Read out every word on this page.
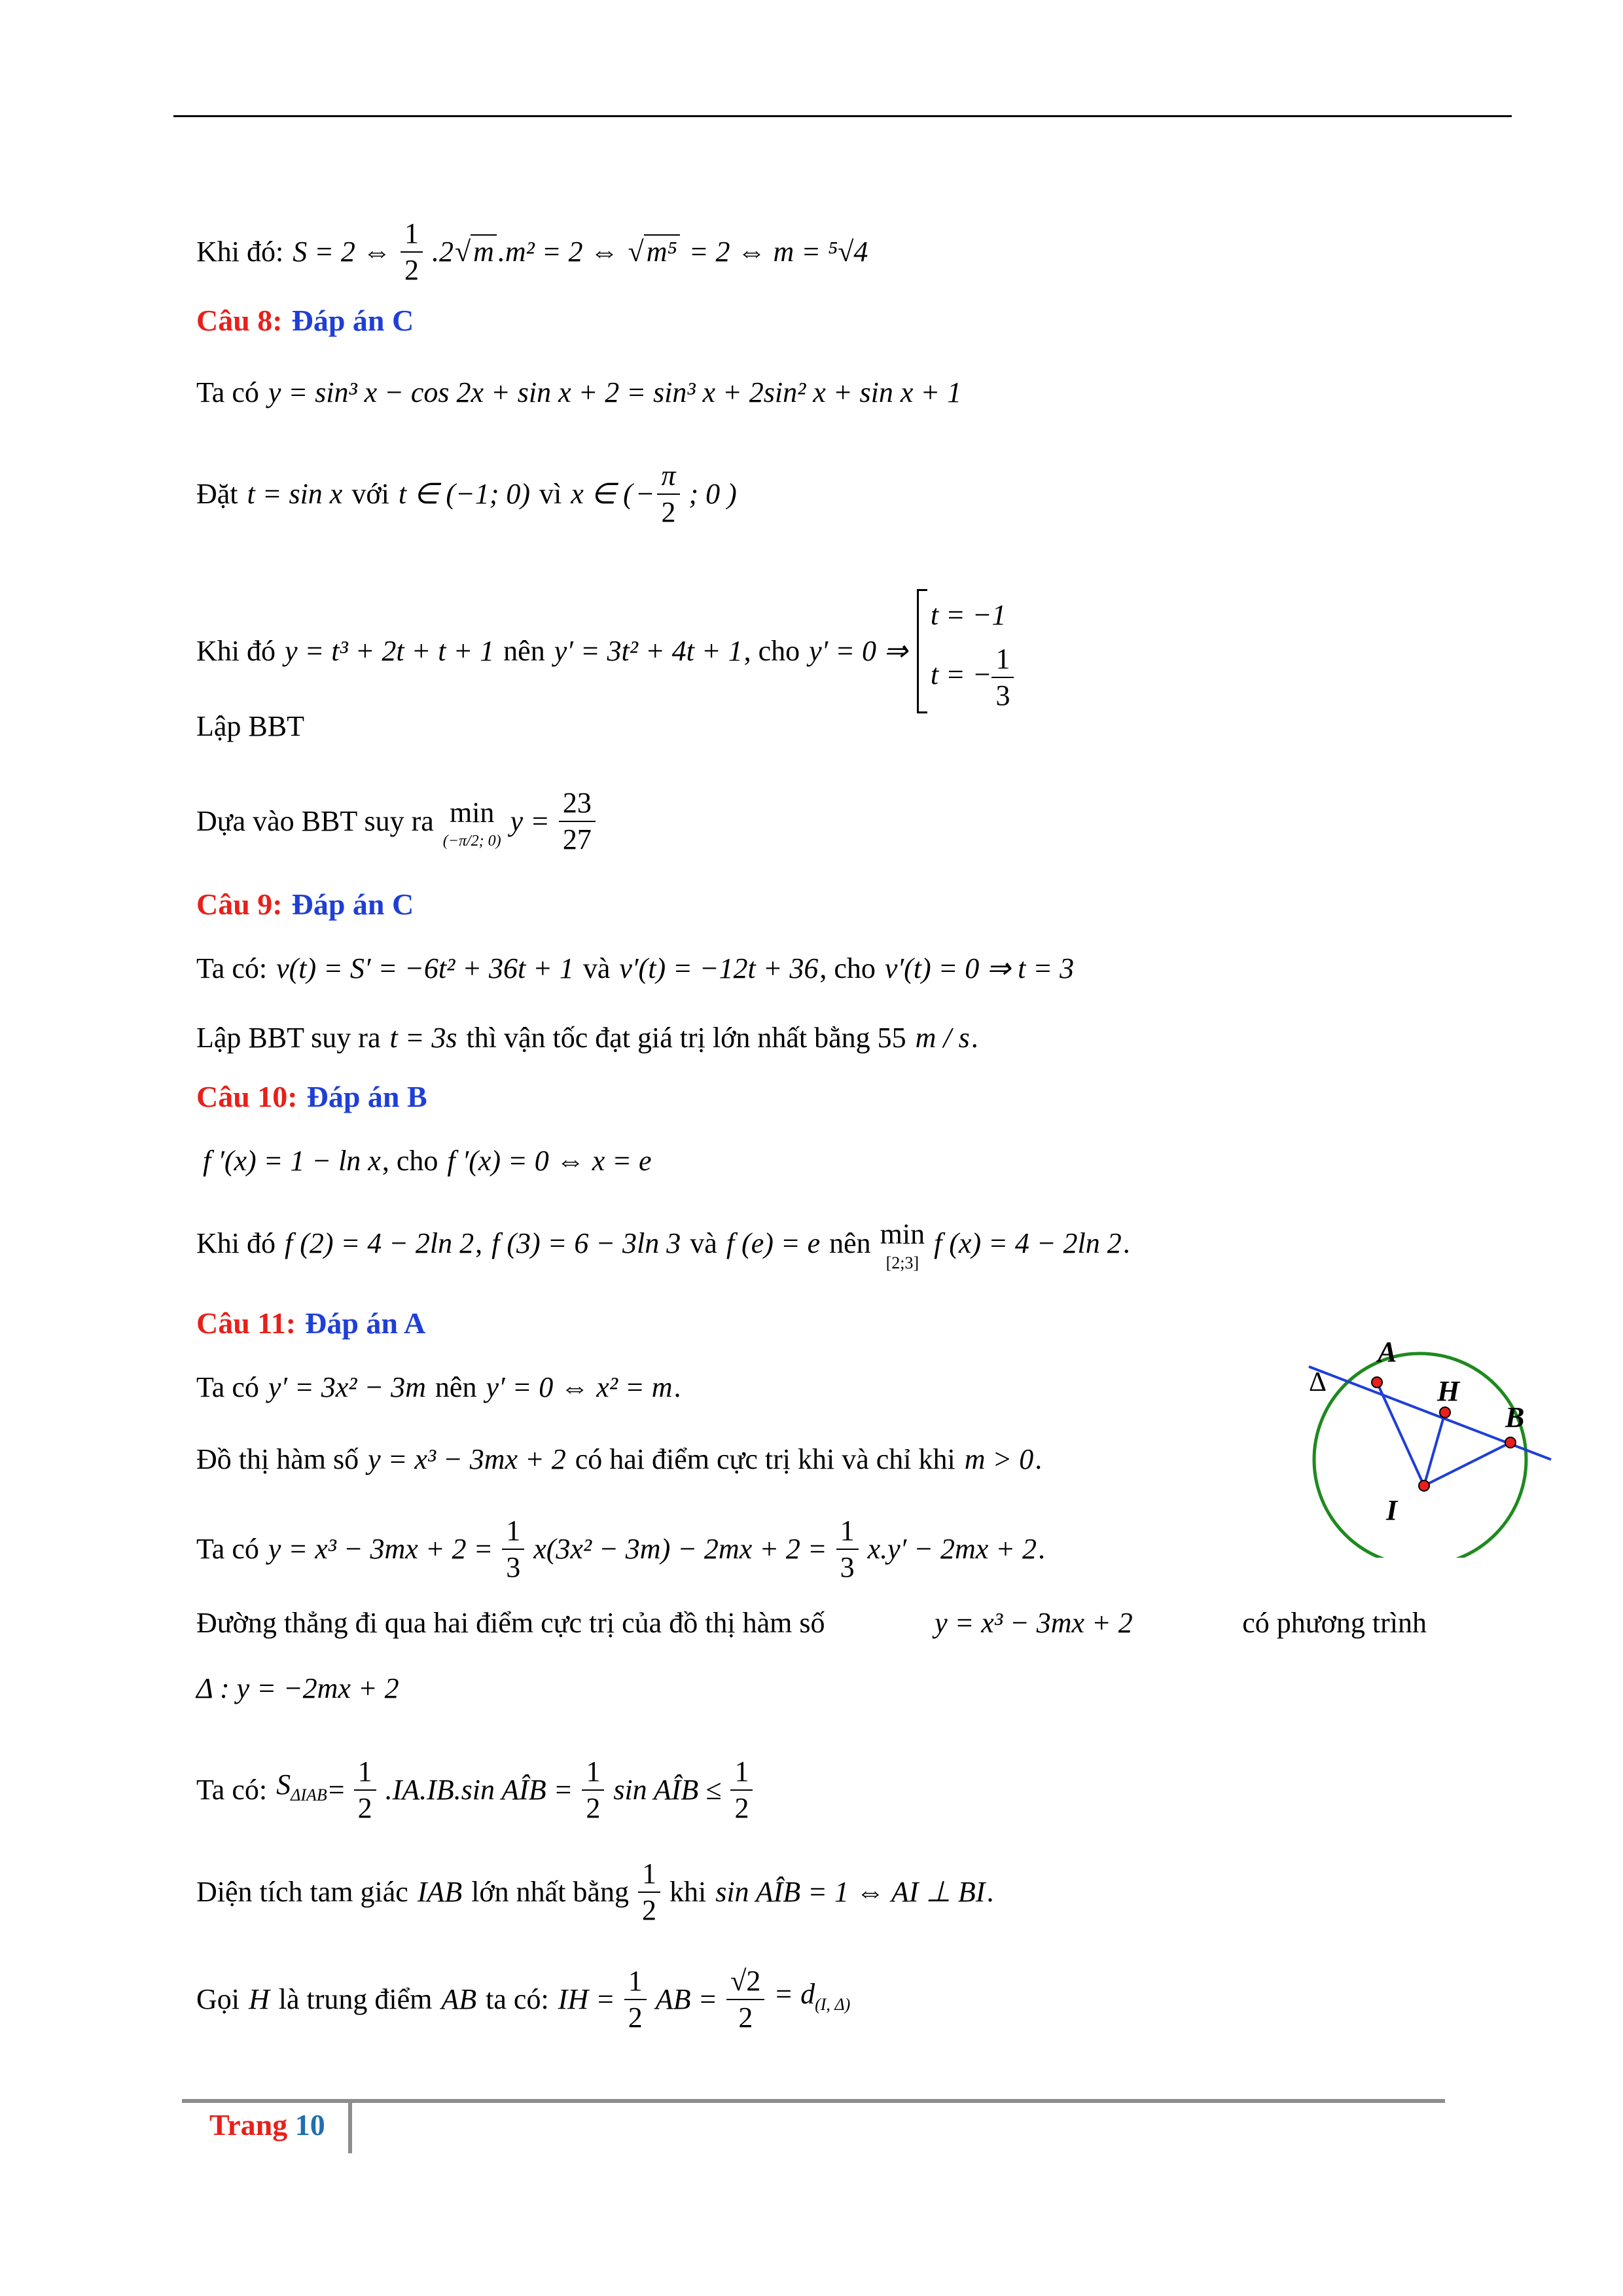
Khi đó: S = 2 ⇔ $\frac{1}{2} .2$ √m .m² = 2 ⇔ √m⁵ = 2 ⇔ m = ⁵√4
Câu 8: Đáp án C
Ta có y = sin³ x − cos 2x + sin x + 2 = sin³ x + 2sin² x + sin x + 1
Đặt t = sin x với t ∈ (−1; 0) vì x ∈ ( − $\frac{\pi}{2}$ ; 0 )
Khi đó y = t³ + 2t + t + 1 nên y′ = 3t² + 4t + 1 , cho y′ = 0 ⇒
t = −1
t = − $\frac{1}{3}$
Lập BBT
Dựa vào BBT suy ra min
(−π/2; 0)
$y = \frac{23}{27}$
Câu 9: Đáp án C
Ta có: v(t) = S′ = −6t² + 36t + 1 và v′(t) = −12t + 36 , cho v′(t) = 0 ⇒ t = 3
Lập BBT suy ra t = 3s thì vận tốc đạt giá trị lớn nhất bằng 55 m / s .
Câu 10: Đáp án B
f ′(x) = 1 − ln x , cho f ′(x) = 0 ⇔ x = e
Khi đó f (2) = 4 − 2ln 2 , f (3) = 6 − 3ln 3 và f (e) = e nên min
[2;3]
f (x) = 4 − 2ln 2 .
Câu 11: Đáp án A
Ta có y′ = 3x² − 3m nên y′ = 0 ⇔ x² = m .
Đồ thị hàm số y = x³ − 3mx + 2 có hai điểm cực trị khi và chỉ khi m > 0 .
Ta có $y = x^3 - 3mx + 2 = \frac{1}{3} x(3x^2 - 3m) - 2mx + 2 = \frac{1}{3} x.y' - 2mx + 2$ .
Đường thẳng đi qua hai điểm cực trị của đồ thị hàm số	y = x³ − 3mx + 2	có phương trình
Δ : y = −2mx + 2
Ta có: $S_{\Delta IAB} = \frac{1}{2} .IA.IB.\sin$ AÎB = $\frac{1}{2}$ sin AÎB ≤ $\frac{1}{2}$
Diện tích tam giác IAB lớn nhất bằng $\frac{1}{2}$ khi sin AÎB = 1 ⇔ AI ⊥ BI .
Gọi H là trung điểm AB ta có: IH = $\frac{1}{2}$ AB = $\frac{√2}{2} = d_{(I, \Delta)}$
A
H
B
I
Δ
Trang 10
